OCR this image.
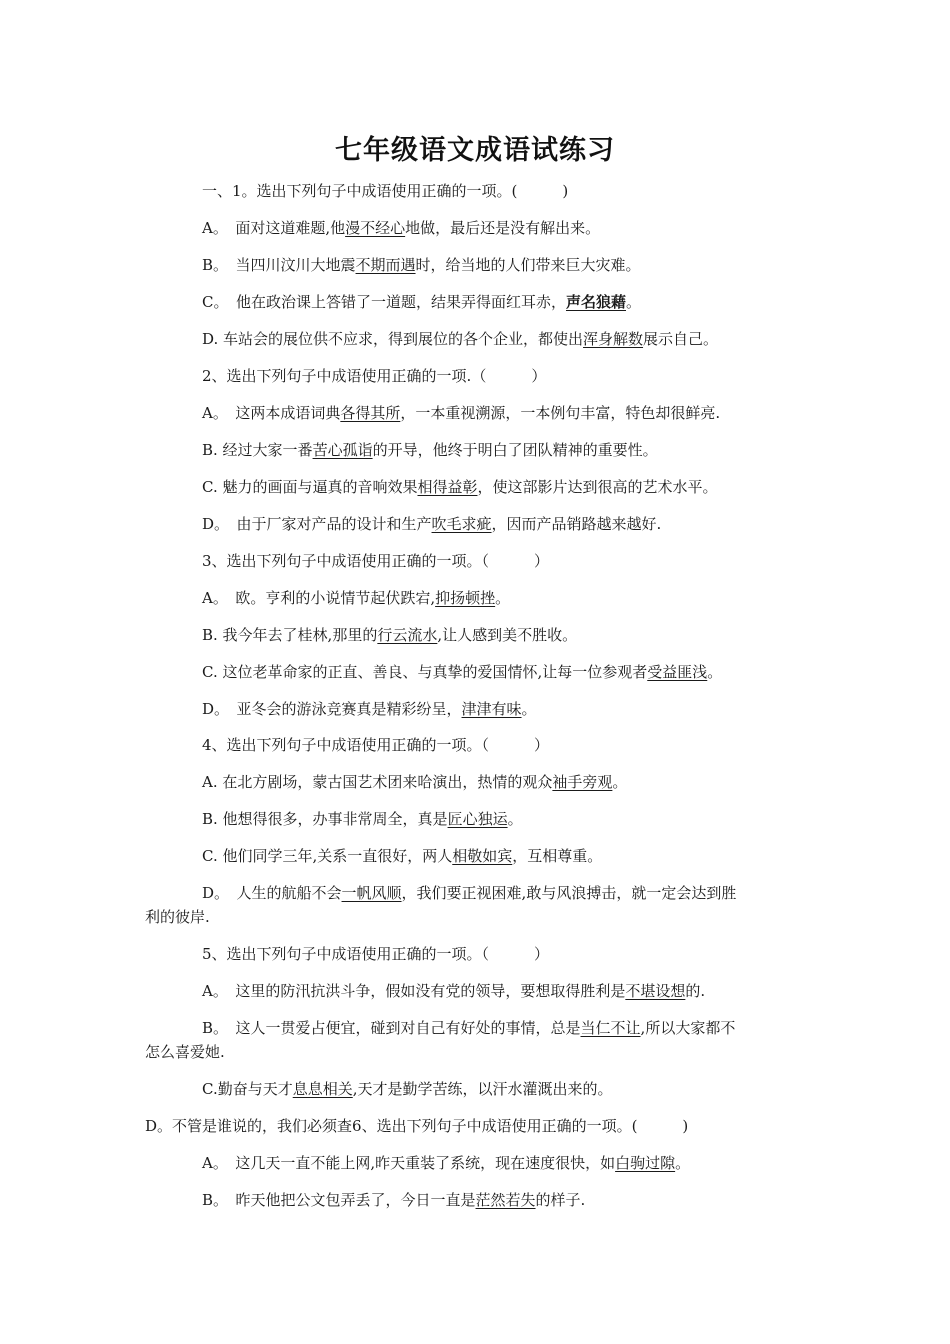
七年级语文成语试练习
一、1。选出下列句子中成语使用正确的一项。(　　　)
A。　面对这道难题,他漫不经心地做，最后还是没有解出来。
B。　当四川汶川大地震不期而遇时，给当地的人们带来巨大灾难。
C。　他在政治课上答错了一道题，结果弄得面红耳赤，声名狼藉。
D. 车站会的展位供不应求，得到展位的各个企业，都使出浑身解数展示自己。
2、选出下列句子中成语使用正确的一项.（　　　）
A。　这两本成语词典各得其所，一本重视溯源，一本例句丰富，特色却很鲜亮.
B. 经过大家一番苦心孤诣的开导，他终于明白了团队精神的重要性。
C. 魅力的画面与逼真的音响效果相得益彰，使这部影片达到很高的艺术水平。
D。　由于厂家对产品的设计和生产吹毛求疵，因而产品销路越来越好.
3、选出下列句子中成语使用正确的一项。（　　　）
A。　欧。亨利的小说情节起伏跌宕,抑扬顿挫。
B. 我今年去了桂林,那里的行云流水,让人感到美不胜收。
C. 这位老革命家的正直、善良、与真挚的爱国情怀,让每一位参观者受益匪浅。
D。　亚冬会的游泳竞赛真是精彩纷呈，津津有味。
4、选出下列句子中成语使用正确的一项。（　　　）
A. 在北方剧场，蒙古国艺术团来哈演出，热情的观众袖手旁观。
B. 他想得很多，办事非常周全，真是匠心独运。
C. 他们同学三年,关系一直很好，两人相敬如宾，互相尊重。
D。　人生的航船不会一帆风顺，我们要正视困难,敢与风浪搏击，就一定会达到胜
利的彼岸.
5、选出下列句子中成语使用正确的一项。（　　　）
A。　这里的防汛抗洪斗争，假如没有党的领导，要想取得胜利是不堪设想的.
B。　这人一贯爱占便宜，碰到对自己有好处的事情，总是当仁不让,所以大家都不
怎么喜爱她.
C.勤奋与天才息息相关,天才是勤学苦练，以汗水灌溉出来的。
D。不管是谁说的，我们必须查6、选出下列句子中成语使用正确的一项。(　　　)
A。　这几天一直不能上网,昨天重装了系统，现在速度很快，如白驹过隙。
B。　昨天他把公文包弄丢了，今日一直是茫然若失的样子.
